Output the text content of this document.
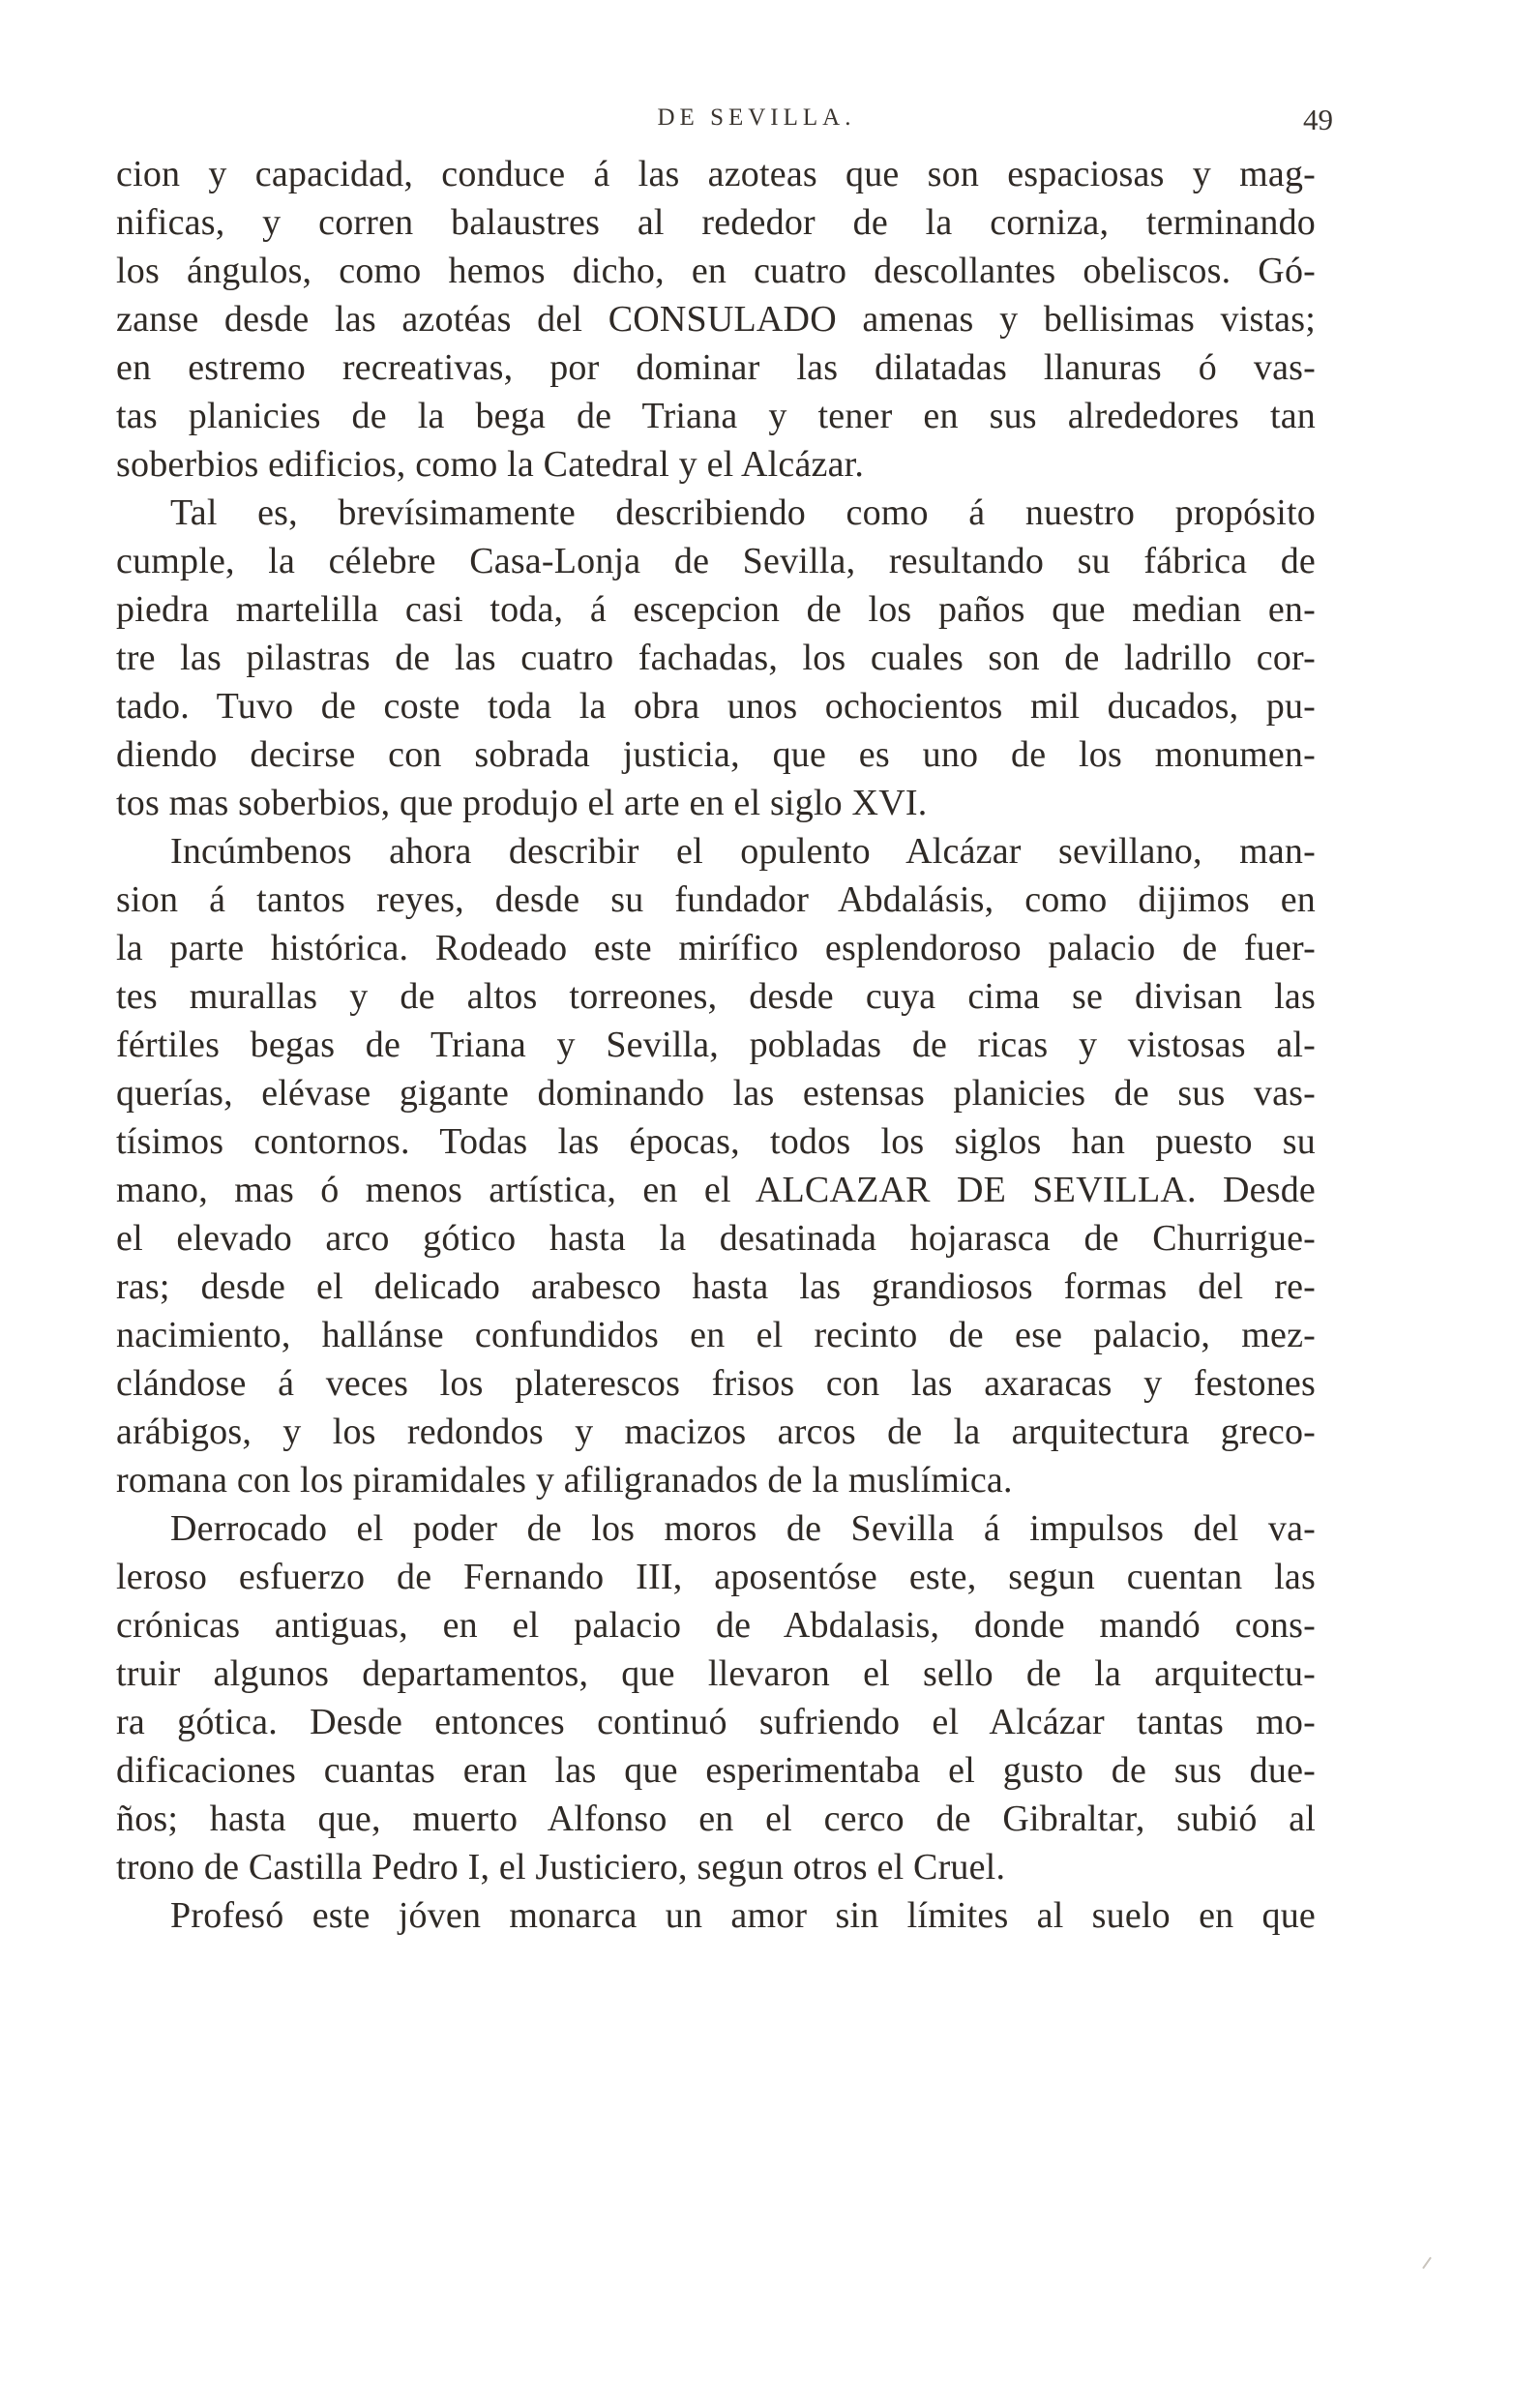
DE SEVILLA.	49
cion y capacidad, conduce á las azoteas que son espaciosas y mag-
nificas, y corren balaustres al rededor de la corniza, terminando
los ángulos, como hemos dicho, en cuatro descollantes obeliscos. Gó-
zanse desde las azotéas del CONSULADO amenas y bellisimas vistas;
en estremo recreativas, por dominar las dilatadas llanuras ó vas-
tas planicies de la bega de Triana y tener en sus alrededores tan
soberbios edificios, como la Catedral y el Alcázar.
Tal es, brevísimamente describiendo como á nuestro propósito
cumple, la célebre Casa-Lonja de Sevilla, resultando su fábrica de
piedra martelilla casi toda, á escepcion de los paños que median en-
tre las pilastras de las cuatro fachadas, los cuales son de ladrillo cor-
tado. Tuvo de coste toda la obra unos ochocientos mil ducados, pu-
diendo decirse con sobrada justicia, que es uno de los monumen-
tos mas soberbios, que produjo el arte en el siglo XVI.
Incúmbenos ahora describir el opulento Alcázar sevillano, man-
sion á tantos reyes, desde su fundador Abdalásis, como dijimos en
la parte histórica. Rodeado este mirífico esplendoroso palacio de fuer-
tes murallas y de altos torreones, desde cuya cima se divisan las
fértiles begas de Triana y Sevilla, pobladas de ricas y vistosas al-
querías, elévase gigante dominando las estensas planicies de sus vas-
tísimos contornos. Todas las épocas, todos los siglos han puesto su
mano, mas ó menos artística, en el ALCAZAR DE SEVILLA. Desde
el elevado arco gótico hasta la desatinada hojarasca de Churrigue-
ras; desde el delicado arabesco hasta las grandiosos formas del re-
nacimiento, hallánse confundidos en el recinto de ese palacio, mez-
clándose á veces los platerescos frisos con las axaracas y festones
arábigos, y los redondos y macizos arcos de la arquitectura greco-
romana con los piramidales y afiligranados de la muslímica.
Derrocado el poder de los moros de Sevilla á impulsos del va-
leroso esfuerzo de Fernando III, aposentóse este, segun cuentan las
crónicas antiguas, en el palacio de Abdalasis, donde mandó cons-
truir algunos departamentos, que llevaron el sello de la arquitectu-
ra gótica. Desde entonces continuó sufriendo el Alcázar tantas mo-
dificaciones cuantas eran las que esperimentaba el gusto de sus due-
ños; hasta que, muerto Alfonso en el cerco de Gibraltar, subió al
trono de Castilla Pedro I, el Justiciero, segun otros el Cruel.
Profesó este jóven monarca un amor sin límites al suelo en que
